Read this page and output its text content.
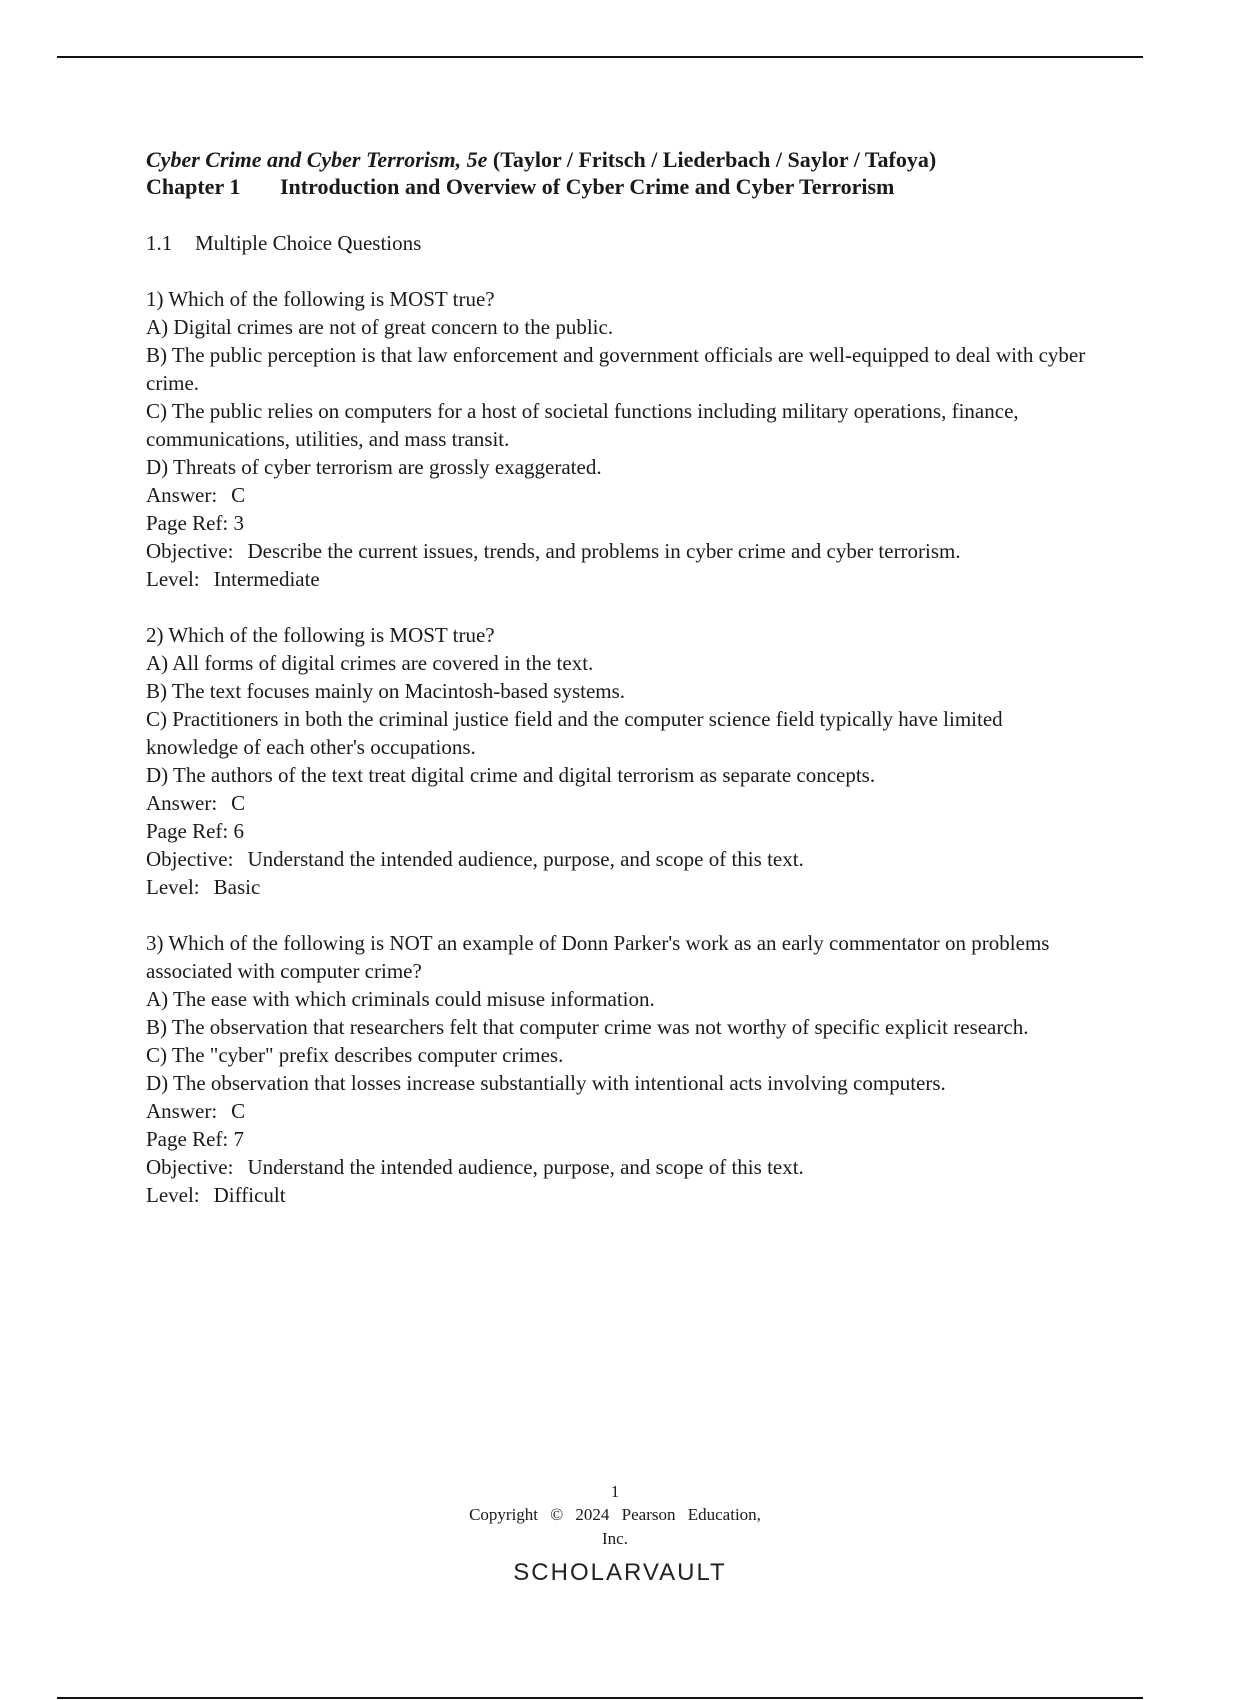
Cyber Crime and Cyber Terrorism, 5e (Taylor / Fritsch / Liederbach / Saylor / Tafoya)
Chapter 1 Introduction and Overview of Cyber Crime and Cyber Terrorism
1.1 Multiple Choice Questions
1) Which of the following is MOST true?
A) Digital crimes are not of great concern to the public.
B) The public perception is that law enforcement and government officials are well-equipped to deal with cyber crime.
C) The public relies on computers for a host of societal functions including military operations, finance, communications, utilities, and mass transit.
D) Threats of cyber terrorism are grossly exaggerated.
Answer: C
Page Ref: 3
Objective: Describe the current issues, trends, and problems in cyber crime and cyber terrorism.
Level: Intermediate
2) Which of the following is MOST true?
A) All forms of digital crimes are covered in the text.
B) The text focuses mainly on Macintosh-based systems.
C) Practitioners in both the criminal justice field and the computer science field typically have limited knowledge of each other's occupations.
D) The authors of the text treat digital crime and digital terrorism as separate concepts.
Answer: C
Page Ref: 6
Objective: Understand the intended audience, purpose, and scope of this text.
Level: Basic
3) Which of the following is NOT an example of Donn Parker's work as an early commentator on problems associated with computer crime?
A) The ease with which criminals could misuse information.
B) The observation that researchers felt that computer crime was not worthy of specific explicit research.
C) The "cyber" prefix describes computer crimes.
D) The observation that losses increase substantially with intentional acts involving computers.
Answer: C
Page Ref: 7
Objective: Understand the intended audience, purpose, and scope of this text.
Level: Difficult
1
Copyright © 2024 Pearson Education,
Inc.
SCHOLARVAULT
